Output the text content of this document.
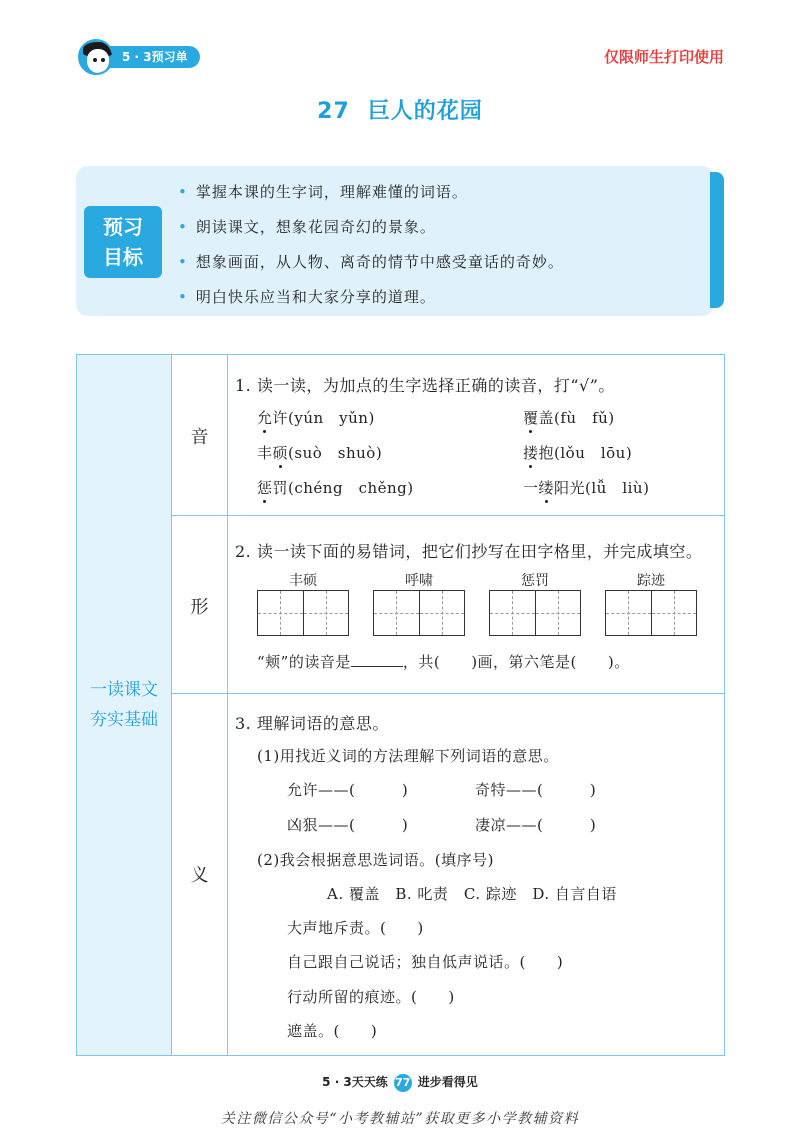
5 · 3预习单	仅限师生打印使用
27 巨人的花园
预习
目标
• 掌握本课的生字词，理解难懂的词语。
• 朗读课文，想象花园奇幻的景象。
• 想象画面，从人物、离奇的情节中感受童话的奇妙。
• 明白快乐应当和大家分享的道理。
一读课文
夯实基础
音
形
义
1. 读一读，为加点的生字选择正确的读音，打“√”。
允许(yún　yǔn)	覆盖(fù　fǔ)
丰硕(suò　shuò)	搂抱(lǒu　lōu)
惩罚(chéng　chěng)	一缕阳光(lǚ　liù)
2. 读一读下面的易错词，把它们抄写在田字格里，并完成填空。
丰硕	呼啸	惩罚	踪迹
“颊”的读音是	，共(　　)画，第六笔是(　　)。
3. 理解词语的意思。
(1)用找近义词的方法理解下列词语的意思。
允许——(　　　)	奇特——(　　　)
凶狠——(　　　)	凄凉——(　　　)
(2)我会根据意思选词语。(填序号)
A. 覆盖　B. 叱责　C. 踪迹　D. 自言自语
大声地斥责。(　　)
自己跟自己说话；独自低声说话。(　　)
行动所留的痕迹。(　　)
遮盖。(　　)
5 · 3天天练 77 进步看得见
关注微信公众号“小考教辅站”获取更多小学教辅资料
